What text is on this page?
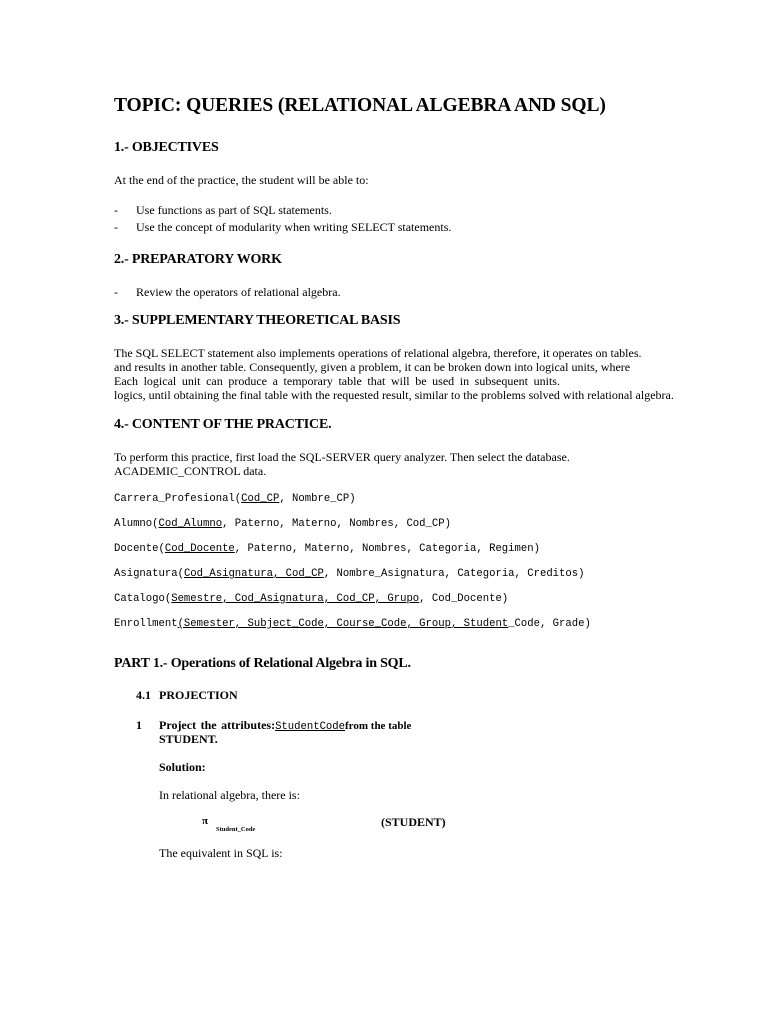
TOPIC: QUERIES (RELATIONAL ALGEBRA AND SQL)
1.- OBJECTIVES
At the end of the practice, the student will be able to:
- Use functions as part of SQL statements.
- Use the concept of modularity when writing SELECT statements.
2.- PREPARATORY WORK
- Review the operators of relational algebra.
3.- SUPPLEMENTARY THEORETICAL BASIS
The SQL SELECT statement also implements operations of relational algebra, therefore, it operates on tables.
and results in another table. Consequently, given a problem, it can be broken down into logical units, where
Each logical unit can produce a temporary table that will be used in subsequent units.
logics, until obtaining the final table with the requested result, similar to the problems solved with relational algebra.
4.- CONTENT OF THE PRACTICE.
To perform this practice, first load the SQL-SERVER query analyzer. Then select the database.
ACADEMIC_CONTROL data.
Carrera_Profesional(Cod_CP, Nombre_CP)
Alumno(Cod_Alumno, Paterno, Materno, Nombres, Cod_CP)
Docente(Cod_Docente, Paterno, Materno, Nombres, Categoria, Regimen)
Asignatura(Cod_Asignatura, Cod_CP, Nombre_Asignatura, Categoria, Creditos)
Catalogo(Semestre, Cod_Asignatura, Cod_CP, Grupo, Cod_Docente)
Enrollment(Semester, Subject_Code, Course_Code, Group, Student_Code, Grade)
PART 1.- Operations of Relational Algebra in SQL.
4.1 PROJECTION
1 Project the attributes:StudentCodefrom the table
STUDENT.
Solution:
In relational algebra, there is:
π
Student_Code
(STUDENT)
The equivalent in SQL is:
